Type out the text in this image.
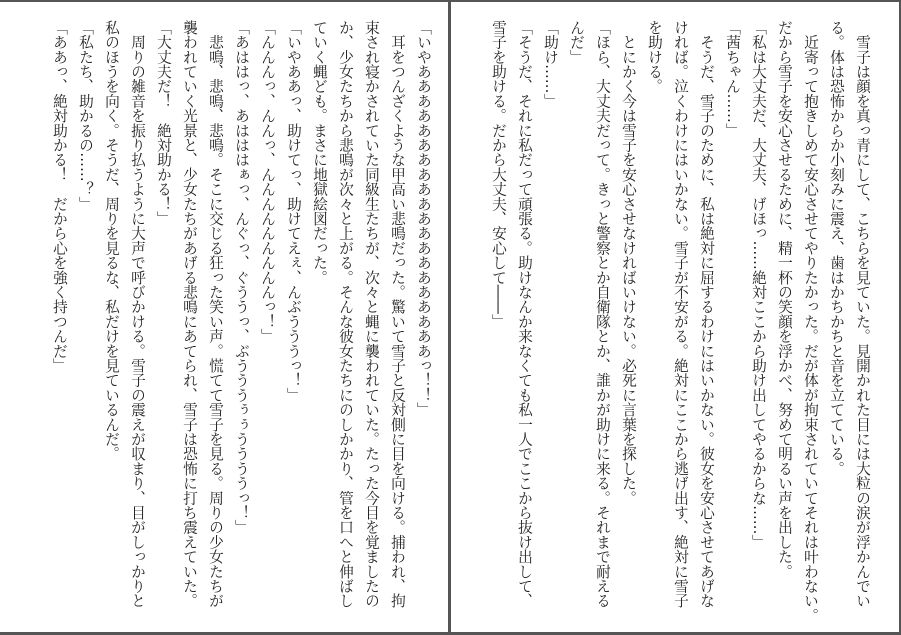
　雪子は顔を真っ青にして、こちらを見ていた。見開かれた目には大粒の涙が浮かんでい
る。体は恐怖からか小刻みに震え、歯はかちかちと音を立てている。
　近寄って抱きしめて安心させてやりたかった。だが体が拘束されていてそれは叶わない。
だから雪子を安心させるために、精一杯の笑顔を浮かべ、努めて明るい声を出した。
「私は大丈夫だ、大丈夫、げほっ……絶対ここから助け出してやるからな……」
「茜ちゃん……」
　そうだ、雪子のために、私は絶対に屈するわけにはいかない。彼女を安心させてあげな
ければ。泣くわけにはいかない。雪子が不安がる。絶対にここから逃げ出す、絶対に雪子
を助ける。
　とにかく今は雪子を安心させなければいけない。必死に言葉を探した。
「ほら、大丈夫だって。きっと警察とか自衛隊とか、誰かが助けに来る。それまで耐える
んだ」
「助け……」
「そうだ、それに私だって頑張る。助けなんか来なくても私一人でここから抜け出して、
雪子を助ける。だから大丈夫、安心して――」
「いやああああああああああああああああああああっ！！」
　耳をつんざくような甲高い悲鳴だった。驚いて雪子と反対側に目を向ける。捕われ、拘
束され寝かされていた同級生たちが、次々と蝿に襲われていた。たった今目を覚ましたの
か、少女たちから悲鳴が次々と上がる。そんな彼女たちにのしかかり、管を口へと伸ばし
ていく蝿ども。まさに地獄絵図だった。
「いやああっ、助けてっ、助けてえぇ、んぶうううっ！」
「んんんっ、んんっ、んんんんんんんんんっ！」
「あははっ、あはははぁっ、んぐっ、ぐううっ、ぶうううぅぅううううっ！」
　悲鳴、悲鳴、悲鳴。そこに交じる狂った笑い声。慌てて雪子を見る。周りの少女たちが
襲われていく光景と、少女たちがあげる悲鳴にあてられ、雪子は恐怖に打ち震えていた。
「大丈夫だ！　絶対助かる！」
　周りの雑音を振り払うように大声で呼びかける。雪子の震えが収まり、目がしっかりと
私のほうを向く。そうだ、周りを見るな、私だけを見ているんだ。
「私たち、助かるの……？」
「ああっ、絶対助かる！　だから心を強く持つんだ」
